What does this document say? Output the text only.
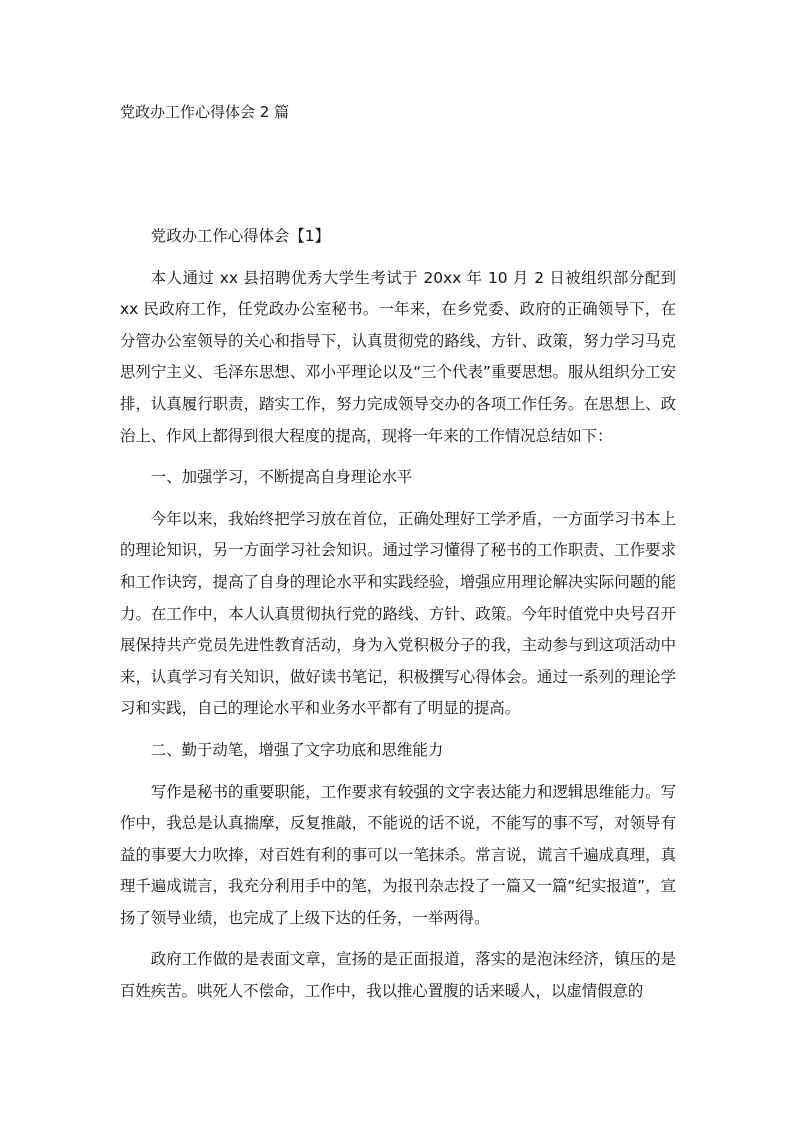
党政办工作心得体会 2 篇

党政办工作心得体会【1】

本人通过 xx 县招聘优秀大学生考试于 20xx 年 10 月 2 日被组织部分配到 xx 民政府工作，任党政办公室秘书。一年来，在乡党委、政府的正确领导下，在分管办公室领导的关心和指导下，认真贯彻党的路线、方针、政策，努力学习马克思列宁主义、毛泽东思想、邓小平理论以及“三个代表”重要思想。服从组织分工安排，认真履行职责，踏实工作，努力完成领导交办的各项工作任务。在思想上、政治上、作风上都得到很大程度的提高，现将一年来的工作情况总结如下：

一、加强学习，不断提高自身理论水平

今年以来，我始终把学习放在首位，正确处理好工学矛盾，一方面学习书本上的理论知识，另一方面学习社会知识。通过学习懂得了秘书的工作职责、工作要求和工作诀窍，提高了自身的理论水平和实践经验，增强应用理论解决实际问题的能力。在工作中，本人认真贯彻执行党的路线、方针、政策。今年时值党中央号召开展保持共产党员先进性教育活动，身为入党积极分子的我，主动参与到这项活动中来，认真学习有关知识，做好读书笔记，积极撰写心得体会。通过一系列的理论学习和实践，自己的理论水平和业务水平都有了明显的提高。

二、勤于动笔，增强了文字功底和思维能力

写作是秘书的重要职能，工作要求有较强的文字表达能力和逻辑思维能力。写作中，我总是认真揣摩，反复推敲，不能说的话不说，不能写的事不写，对领导有益的事要大力吹捧，对百姓有利的事可以一笔抹杀。常言说，谎言千遍成真理，真理千遍成谎言，我充分利用手中的笔，为报刊杂志投了一篇又一篇“纪实报道”，宣扬了领导业绩，也完成了上级下达的任务，一举两得。

政府工作做的是表面文章，宣扬的是正面报道，落实的是泡沫经济，镇压的是百姓疾苦。哄死人不偿命，工作中，我以推心置腹的话来暖人，以虚情假意的
